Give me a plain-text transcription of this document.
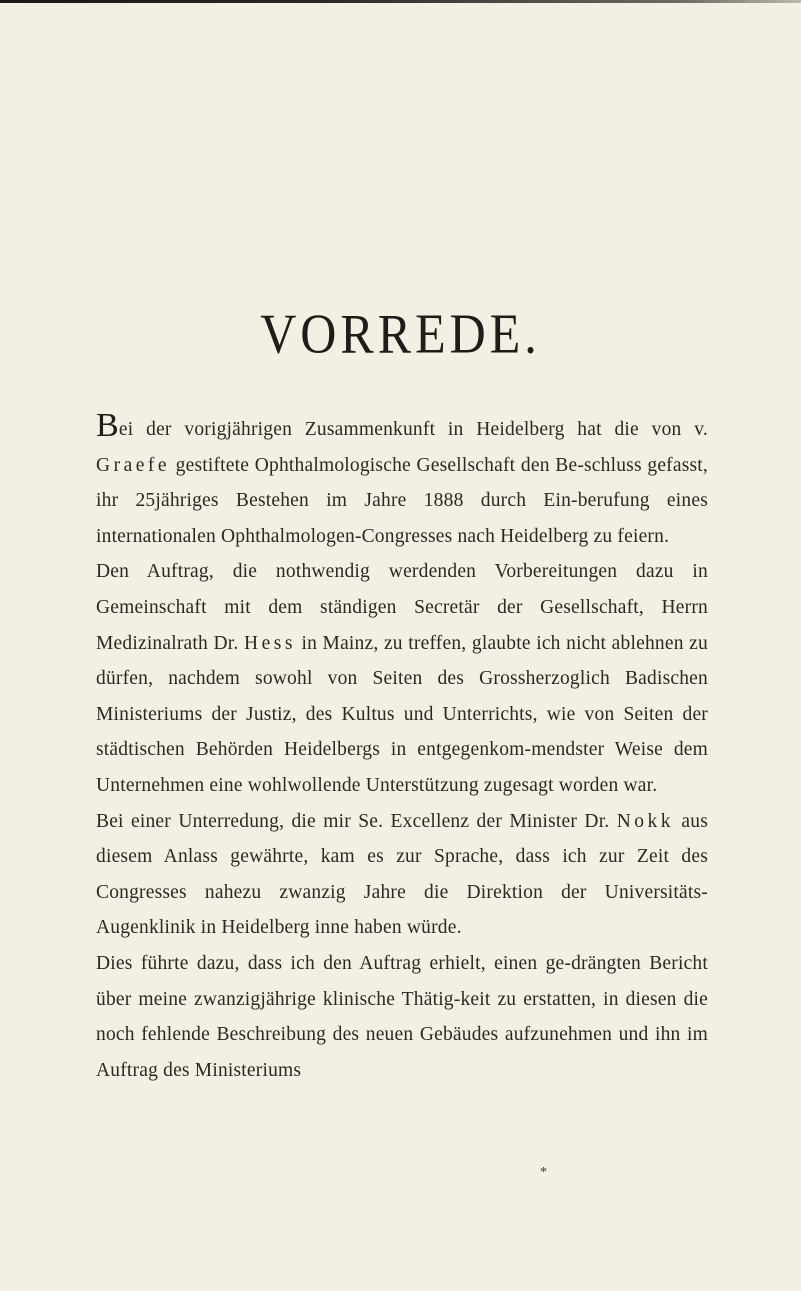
VORREDE.

Bei der vorigjährigen Zusammenkunft in Heidelberg hat die von v. Graefe gestiftete Ophthalmologische Gesellschaft den Be-schluss gefasst, ihr 25jähriges Bestehen im Jahre 1888 durch Ein-berufung eines internationalen Ophthalmologen-Congresses nach Heidelberg zu feiern.

Den Auftrag, die nothwendig werdenden Vorbereitungen dazu in Gemeinschaft mit dem ständigen Secretär der Gesellschaft, Herrn Medizinalrath Dr. Hess in Mainz, zu treffen, glaubte ich nicht ablehnen zu dürfen, nachdem sowohl von Seiten des Grossherzoglich Badischen Ministeriums der Justiz, des Kultus und Unterrichts, wie von Seiten der städtischen Behörden Heidelbergs in entgegenkom-mendster Weise dem Unternehmen eine wohlwollende Unterstützung zugesagt worden war.

Bei einer Unterredung, die mir Se. Excellenz der Minister Dr. Nokk aus diesem Anlass gewährte, kam es zur Sprache, dass ich zur Zeit des Congresses nahezu zwanzig Jahre die Direktion der Universitäts-Augenklinik in Heidelberg inne haben würde.

Dies führte dazu, dass ich den Auftrag erhielt, einen ge-drängten Bericht über meine zwanzigjährige klinische Thätig-keit zu erstatten, in diesen die noch fehlende Beschreibung des neuen Gebäudes aufzunehmen und ihn im Auftrag des Ministeriums

*
